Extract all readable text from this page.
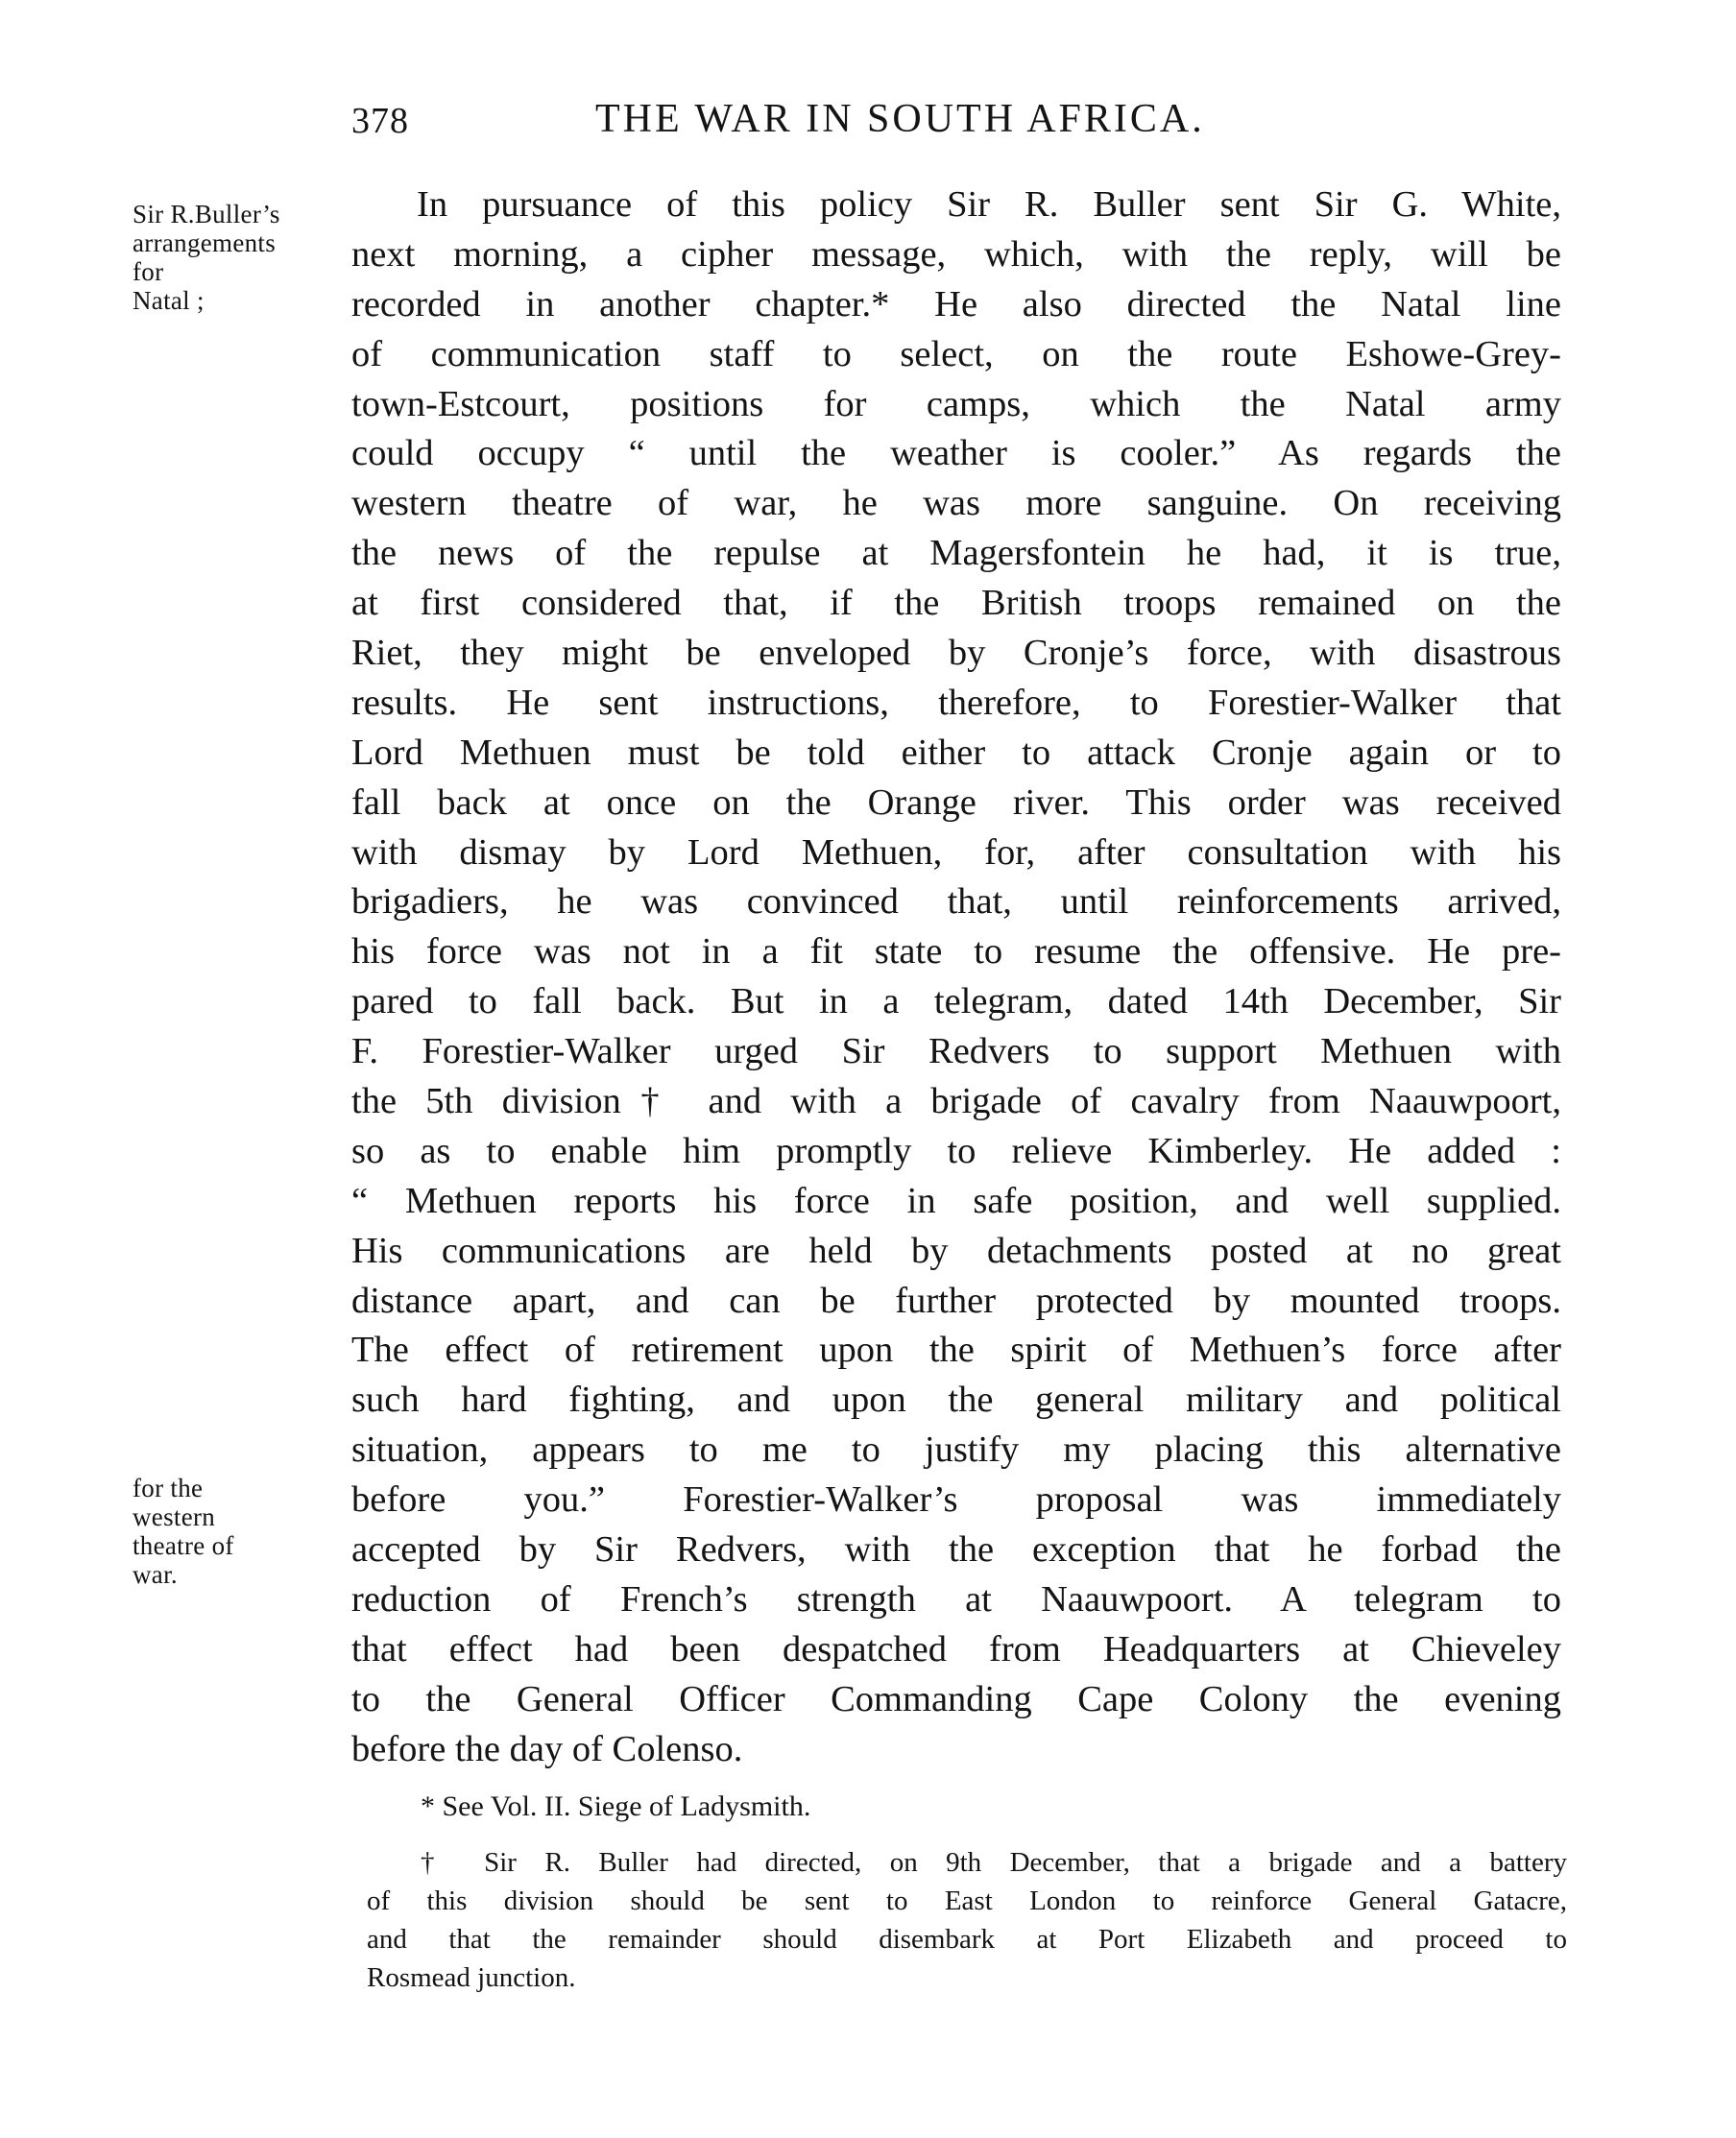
378	THE WAR IN SOUTH AFRICA.
Sir R.Buller’s
arrangements
for
Natal ;
for the
western
theatre of
war.
In pursuance of this policy Sir R. Buller sent Sir G. White,
next morning, a cipher message, which, with the reply, will be
recorded in another chapter.* He also directed the Natal line
of communication staff to select, on the route Eshowe-Grey-
town-Estcourt, positions for camps, which the Natal army
could occupy “ until the weather is cooler.” As regards the
western theatre of war, he was more sanguine. On receiving
the news of the repulse at Magersfontein he had, it is true,
at first considered that, if the British troops remained on the
Riet, they might be enveloped by Cronje’s force, with disastrous
results. He sent instructions, therefore, to Forestier-Walker that
Lord Methuen must be told either to attack Cronje again or to
fall back at once on the Orange river. This order was received
with dismay by Lord Methuen, for, after consultation with his
brigadiers, he was convinced that, until reinforcements arrived,
his force was not in a fit state to resume the offensive. He pre-
pared to fall back. But in a telegram, dated 14th December, Sir
F. Forestier-Walker urged Sir Redvers to support Methuen with
the 5th division† and with a brigade of cavalry from Naauwpoort,
so as to enable him promptly to relieve Kimberley. He added :
“ Methuen reports his force in safe position, and well supplied.
His communications are held by detachments posted at no great
distance apart, and can be further protected by mounted troops.
The effect of retirement upon the spirit of Methuen’s force after
such hard fighting, and upon the general military and political
situation, appears to me to justify my placing this alternative
before you.” Forestier-Walker’s proposal was immediately
accepted by Sir Redvers, with the exception that he forbad the
reduction of French’s strength at Naauwpoort. A telegram to
that effect had been despatched from Headquarters at Chieveley
to the General Officer Commanding Cape Colony the evening
before the day of Colenso.
* See Vol. II. Siege of Ladysmith.
† Sir R. Buller had directed, on 9th December, that a brigade and a battery
of this division should be sent to East London to reinforce General Gatacre,
and that the remainder should disembark at Port Elizabeth and proceed to
Rosmead junction.
